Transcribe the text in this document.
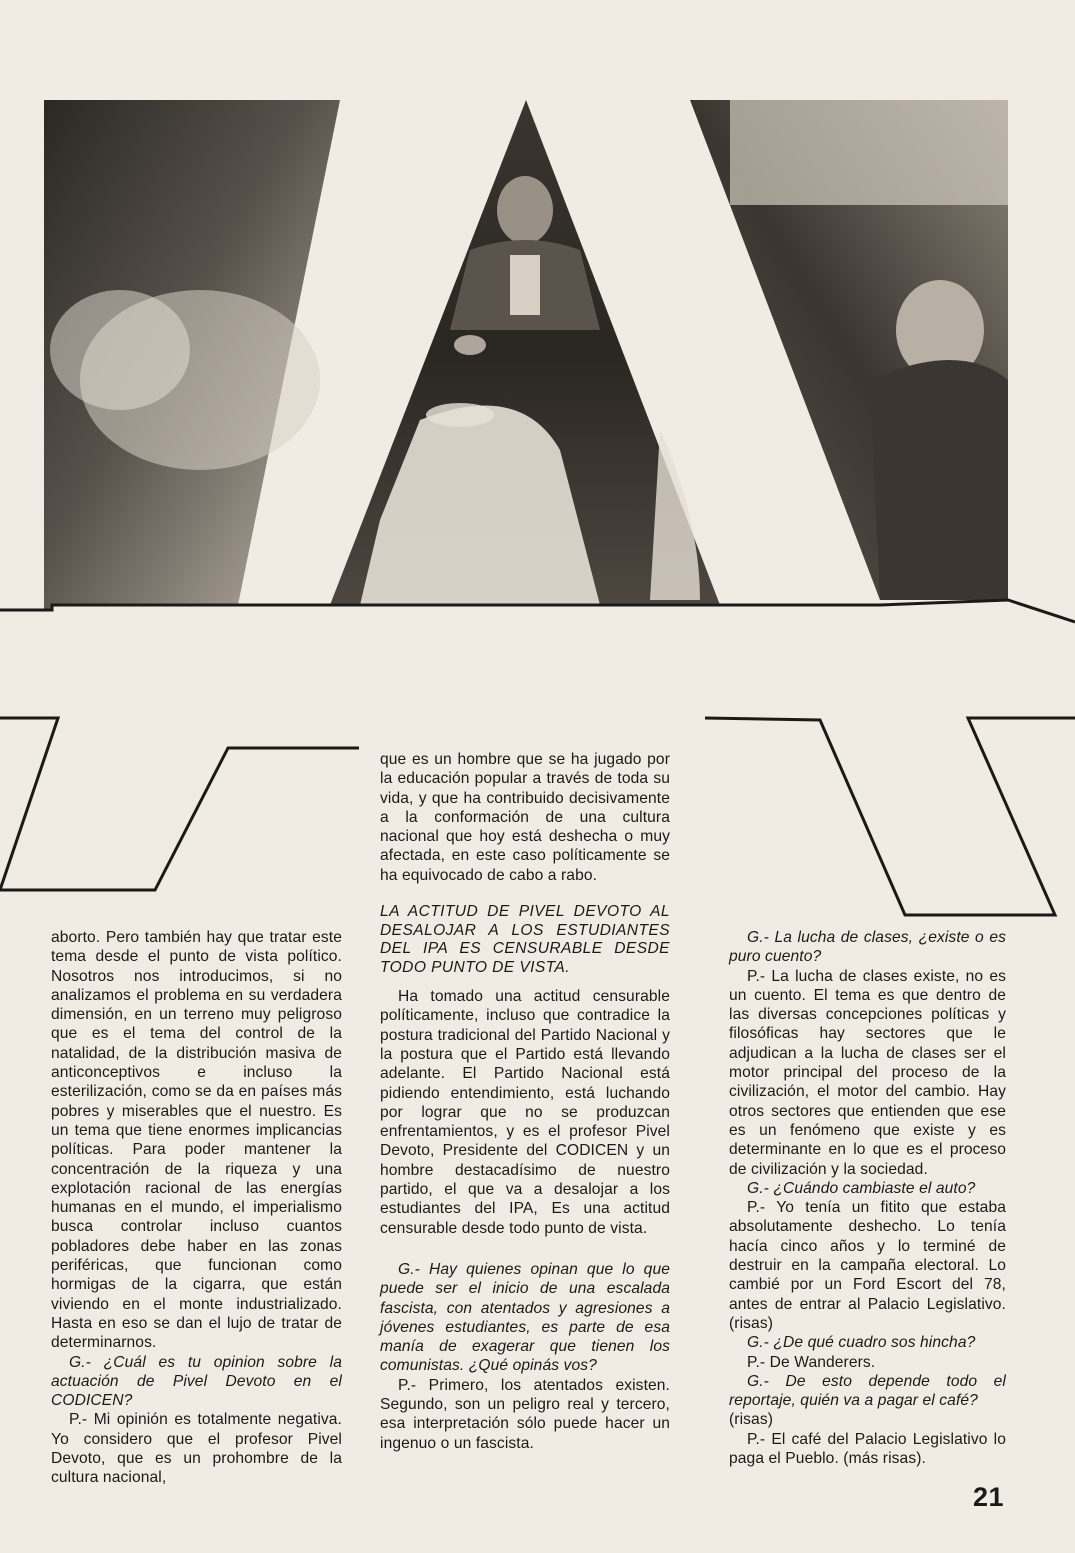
aborto. Pero también hay que tratar este tema desde el punto de vista político. Nosotros nos introducimos, si no analizamos el problema en su verdadera dimensión, en un terreno muy peligroso que es el tema del control de la natalidad, de la distribución masiva de anticonceptivos e incluso la esterilización, como se da en países más pobres y miserables que el nuestro. Es un tema que tiene enormes implicancias políticas. Para poder mantener la concentración de la riqueza y una explotación racional de las energías humanas en el mundo, el imperialismo busca controlar incluso cuantos pobladores debe haber en las zonas periféricas, que funcionan como hormigas de la cigarra, que están viviendo en el monte industrializado. Hasta en eso se dan el lujo de tratar de determinarnos.

G.- ¿Cuál es tu opinion sobre la actuación de Pivel Devoto en el CODICEN?

P.- Mi opinión es totalmente negativa. Yo considero que el profesor Pivel Devoto, que es un prohombre de la cultura nacional,

que es un hombre que se ha jugado por la educación popular a través de toda su vida, y que ha contribuido decisivamente a la conformación de una cultura nacional que hoy está deshecha o muy afectada, en este caso políticamente se ha equivocado de cabo a rabo.

LA ACTITUD DE PIVEL DEVOTO AL DESALOJAR A LOS ESTUDIANTES DEL IPA ES CENSURABLE DESDE TODO PUNTO DE VISTA.

Ha tomado una actitud censurable políticamente, incluso que contradice la postura tradicional del Partido Nacional y la postura que el Partido está llevando adelante. El Partido Nacional está pidiendo entendimiento, está luchando por lograr que no se produzcan enfrentamientos, y es el profesor Pivel Devoto, Presidente del CODICEN y un hombre destacadísimo de nuestro partido, el que va a desalojar a los estudiantes del IPA, Es una actitud censurable desde todo punto de vista.

G.- Hay quienes opinan que lo que puede ser el inicio de una escalada fascista, con atentados y agresiones a jóvenes estudiantes, es parte de esa manía de exagerar que tienen los comunistas. ¿Qué opinás vos?

P.- Primero, los atentados existen. Segundo, son un peligro real y tercero, esa interpretación sólo puede hacer un ingenuo o un fascista.

G.- La lucha de clases, ¿existe o es puro cuento?

P.- La lucha de clases existe, no es un cuento. El tema es que dentro de las diversas concepciones políticas y filosóficas hay sectores que le adjudican a la lucha de clases ser el motor principal del proceso de la civilización, el motor del cambio. Hay otros sectores que entienden que ese es un fenómeno que existe y es determinante en lo que es el proceso de civilización y la sociedad.

G.- ¿Cuándo cambiaste el auto?

P.- Yo tenía un fitito que estaba absolutamente deshecho. Lo tenía hacía cinco años y lo terminé de destruir en la campaña electoral. Lo cambié por un Ford Escort del 78, antes de entrar al Palacio Legislativo. (risas)

G.- ¿De qué cuadro sos hincha?

P.- De Wanderers.

G.- De esto depende todo el reportaje, quién va a pagar el café?

(risas)

P.- El café del Palacio Legislativo lo paga el Pueblo. (más risas).

21
